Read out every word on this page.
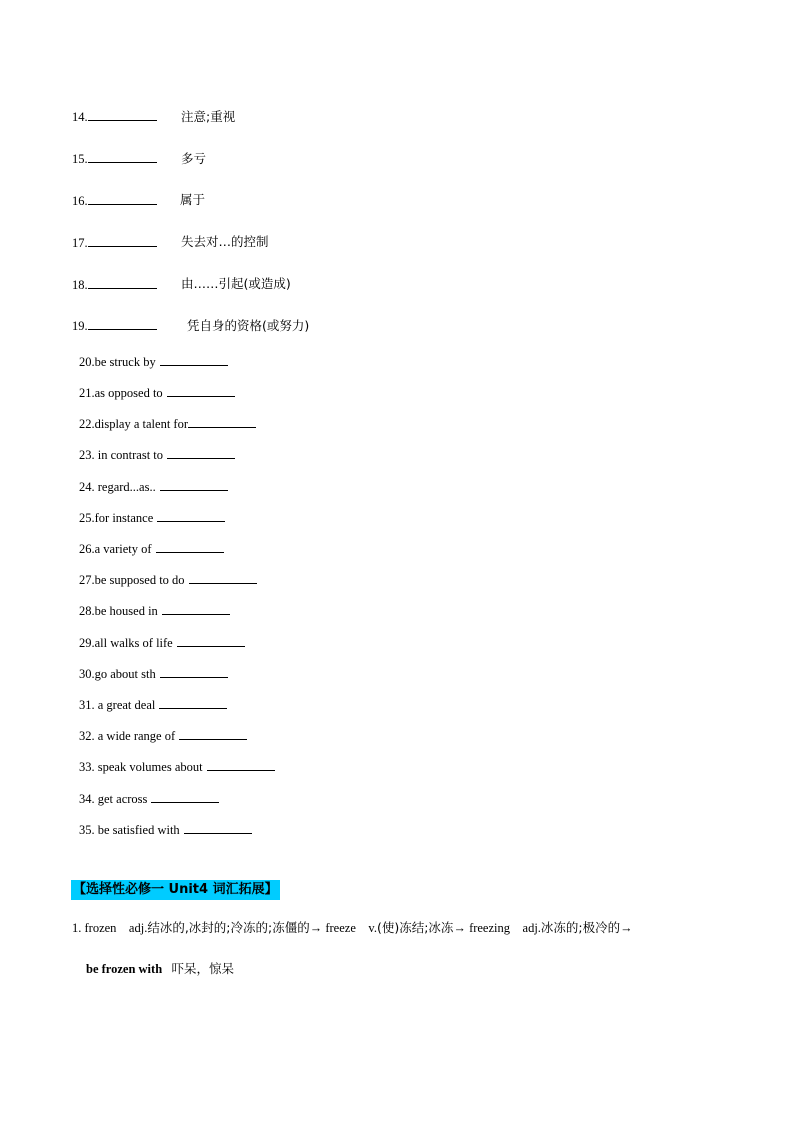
14.	注意;重视
15.	多亏
16.	属于
17.	失去对…的控制
18.	由……引起(或造成)
19.	凭自身的资格(或努力)
20.be struck by
21.as opposed to
22.display a talent for
23. in contrast to
24. regard...as..
25.for instance
26.a variety of
27.be supposed to do
28.be housed in
29.all walks of life
30.go about sth
31. a great deal
32. a wide range of
33. speak volumes about
34. get across
35. be satisfied with
【选择性必修一 Unit4 词汇拓展】
1. frozen adj.结冰的,冰封的;冷冻的;冻僵的→ freeze v.(使)冻结;冰冻→ freezing adj.冰冻的;极冷的→
be frozen with 吓呆，惊呆
